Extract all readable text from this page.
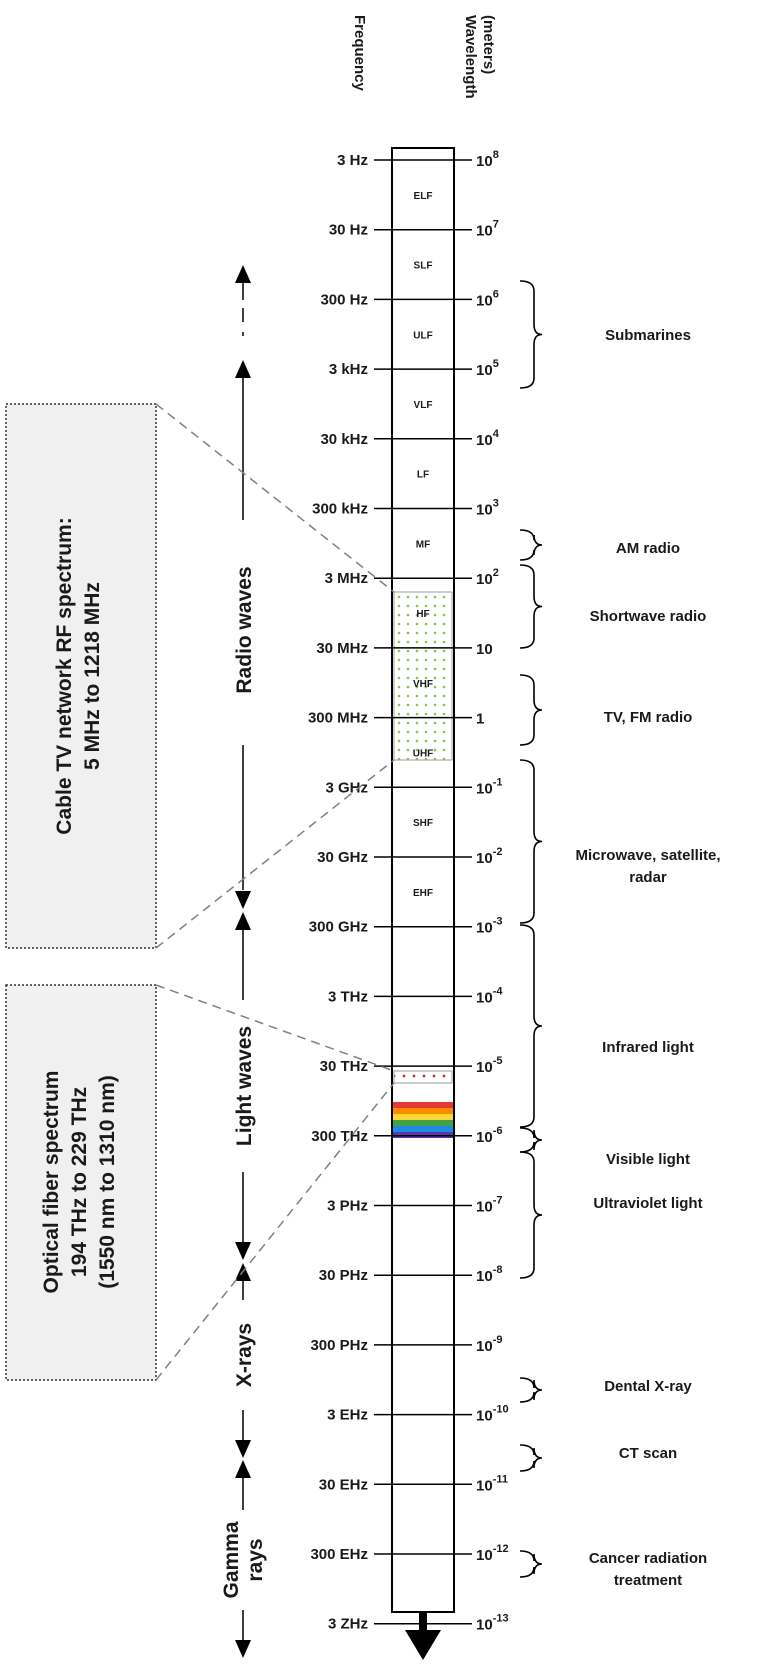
Frequency	Wavelength (meters)
3 Hz
30 Hz
300 Hz
3 kHz
30 kHz
300 kHz
3 MHz
30 MHz
300 MHz
3 GHz
30 GHz
300 GHz
3 THz
30 THz
300 THz
3 PHz
30 PHz
300 PHz
3 EHz
30 EHz
300 EHz
3 ZHz
$10^8$
$10^7$
$10^6$
$10^5$
$10^4$
$10^3$
$10^2$
10
1
$10^{-1}$
$10^{-2}$
$10^{-3}$
$10^{-4}$
$10^{-5}$
$10^{-6}$
$10^{-7}$
$10^{-8}$
$10^{-9}$
$10^{-10}$
$10^{-11}$
$10^{-12}$
$10^{-13}$
ELF
SLF
ULF
VLF
LF
MF
HF
VHF
UHF
SHF
EHF
Radio waves
Light waves
X-rays
Gamma rays
Cable TV network RF spectrum: 5 MHz to 1218 MHz
Optical fiber spectrum 194 THz to 229 THz (1550 nm to 1310 nm)
Submarines
AM radio
Shortwave radio
TV, FM radio
Microwave, satellite,
radar
Infrared light
Visible light
Ultraviolet light
Dental X-ray
CT scan
Cancer radiation
treatment
